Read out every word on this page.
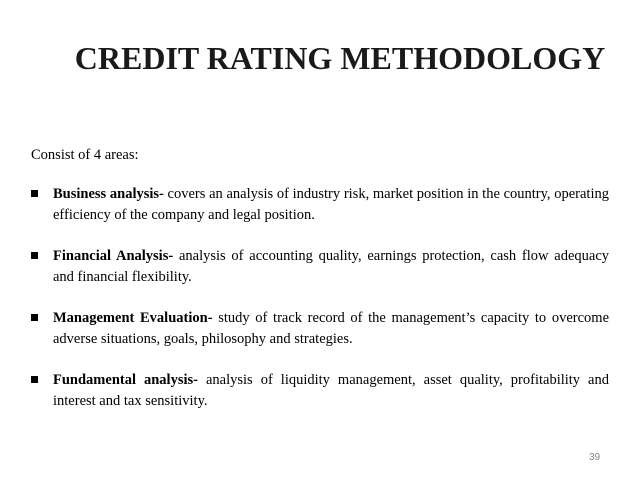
CREDIT RATING METHODOLOGY
Consist of 4 areas:
Business analysis- covers an analysis of industry risk, market position in the country, operating efficiency of the company and legal position.
Financial Analysis- analysis of accounting quality, earnings protection, cash flow adequacy and financial flexibility.
Management Evaluation- study of track record of the management’s capacity to overcome adverse situations, goals, philosophy and strategies.
Fundamental analysis- analysis of liquidity management, asset quality, profitability and interest and tax sensitivity.
39
